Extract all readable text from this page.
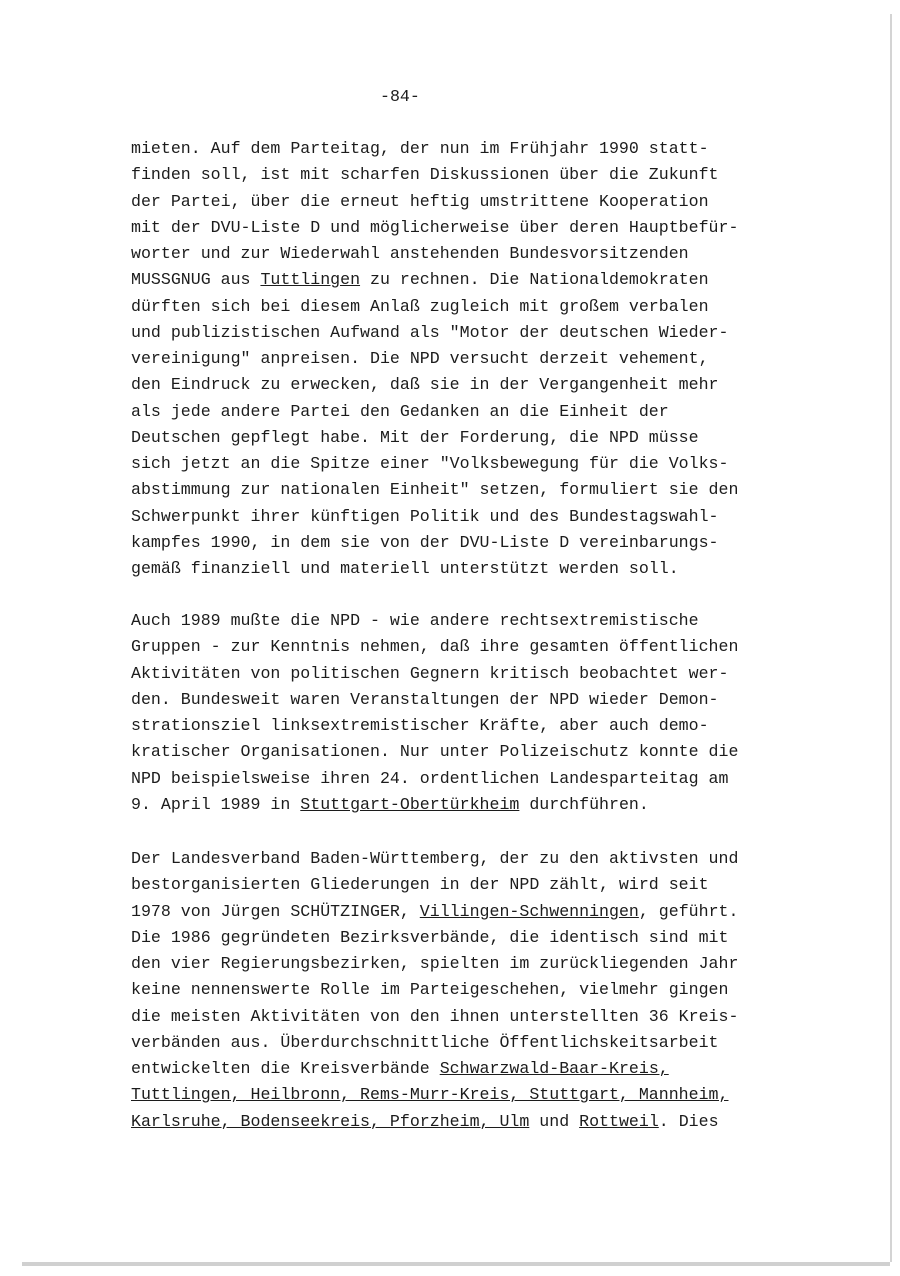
-84-
mieten. Auf dem Parteitag, der nun im Frühjahr 1990 statt-
finden soll, ist mit scharfen Diskussionen über die Zukunft
der Partei, über die erneut heftig umstrittene Kooperation
mit der DVU-Liste D und möglicherweise über deren Hauptbefür-
worter und zur Wiederwahl anstehenden Bundesvorsitzenden
MUSSGNUG aus Tuttlingen zu rechnen. Die Nationaldemokraten
dürften sich bei diesem Anlaß zugleich mit großem verbalen
und publizistischen Aufwand als "Motor der deutschen Wieder-
vereinigung" anpreisen. Die NPD versucht derzeit vehement,
den Eindruck zu erwecken, daß sie in der Vergangenheit mehr
als jede andere Partei den Gedanken an die Einheit der
Deutschen gepflegt habe. Mit der Forderung, die NPD müsse
sich jetzt an die Spitze einer "Volksbewegung für die Volks-
abstimmung zur nationalen Einheit" setzen, formuliert sie den
Schwerpunkt ihrer künftigen Politik und des Bundestagswahl-
kampfes 1990, in dem sie von der DVU-Liste D vereinbarungs-
gemäß finanziell und materiell unterstützt werden soll.
Auch 1989 mußte die NPD - wie andere rechtsextremistische
Gruppen - zur Kenntnis nehmen, daß ihre gesamten öffentlichen
Aktivitäten von politischen Gegnern kritisch beobachtet wer-
den. Bundesweit waren Veranstaltungen der NPD wieder Demon-
strationsziel linksextremistischer Kräfte, aber auch demo-
kratischer Organisationen. Nur unter Polizeischutz konnte die
NPD beispielsweise ihren 24. ordentlichen Landesparteitag am
9. April 1989 in Stuttgart-Obertürkheim durchführen.
Der Landesverband Baden-Württemberg, der zu den aktivsten und
bestorganisierten Gliederungen in der NPD zählt, wird seit
1978 von Jürgen SCHÜTZINGER, Villingen-Schwenningen, geführt.
Die 1986 gegründeten Bezirksverbände, die identisch sind mit
den vier Regierungsbezirken, spielten im zurückliegenden Jahr
keine nennenswerte Rolle im Parteigeschehen, vielmehr gingen
die meisten Aktivitäten von den ihnen unterstellten 36 Kreis-
verbänden aus. Überdurchschnittliche Öffentlichskeitsarbeit
entwickelten die Kreisverbände Schwarzwald-Baar-Kreis,
Tuttlingen, Heilbronn, Rems-Murr-Kreis, Stuttgart, Mannheim,
Karlsruhe, Bodenseekreis, Pforzheim, Ulm und Rottweil. Dies
